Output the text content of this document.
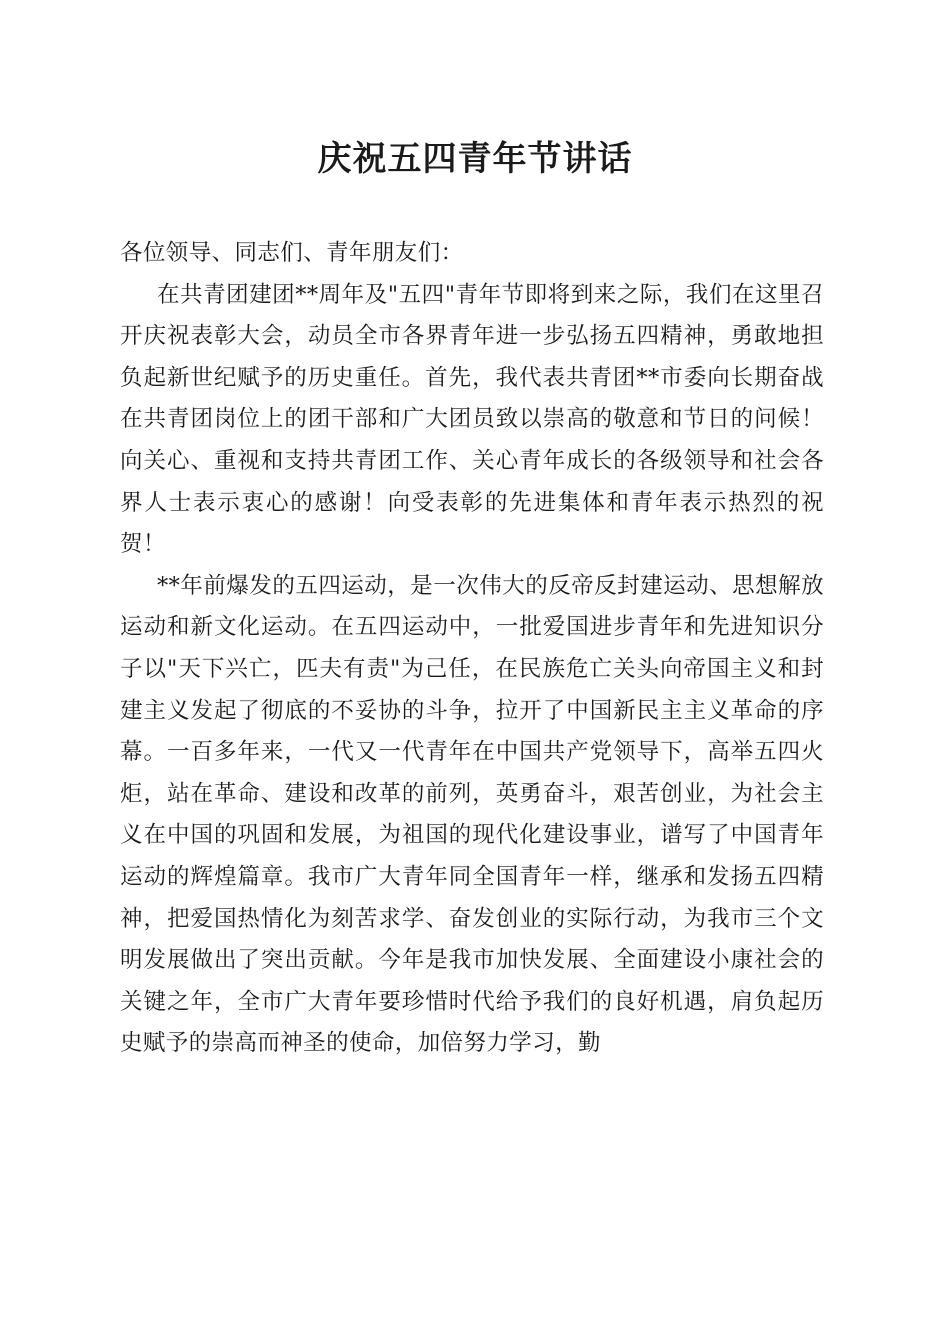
庆祝五四青年节讲话

各位领导、同志们、青年朋友们：

在共青团建团**周年及"五四"青年节即将到来之际，我们在这里召开庆祝表彰大会，动员全市各界青年进一步弘扬五四精神，勇敢地担负起新世纪赋予的历史重任。首先，我代表共青团**市委向长期奋战在共青团岗位上的团干部和广大团员致以崇高的敬意和节日的问候！向关心、重视和支持共青团工作、关心青年成长的各级领导和社会各界人士表示衷心的感谢！向受表彰的先进集体和青年表示热烈的祝贺！

**年前爆发的五四运动，是一次伟大的反帝反封建运动、思想解放运动和新文化运动。在五四运动中，一批爱国进步青年和先进知识分子以"天下兴亡，匹夫有责"为己任，在民族危亡关头向帝国主义和封建主义发起了彻底的不妥协的斗争，拉开了中国新民主主义革命的序幕。一百多年来，一代又一代青年在中国共产党领导下，高举五四火炬，站在革命、建设和改革的前列，英勇奋斗，艰苦创业，为社会主义在中国的巩固和发展，为祖国的现代化建设事业，谱写了中国青年运动的辉煌篇章。我市广大青年同全国青年一样，继承和发扬五四精神，把爱国热情化为刻苦求学、奋发创业的实际行动，为我市三个文明发展做出了突出贡献。今年是我市加快发展、全面建设小康社会的关键之年，全市广大青年要珍惜时代给予我们的良好机遇，肩负起历史赋予的崇高而神圣的使命，加倍努力学习，勤
